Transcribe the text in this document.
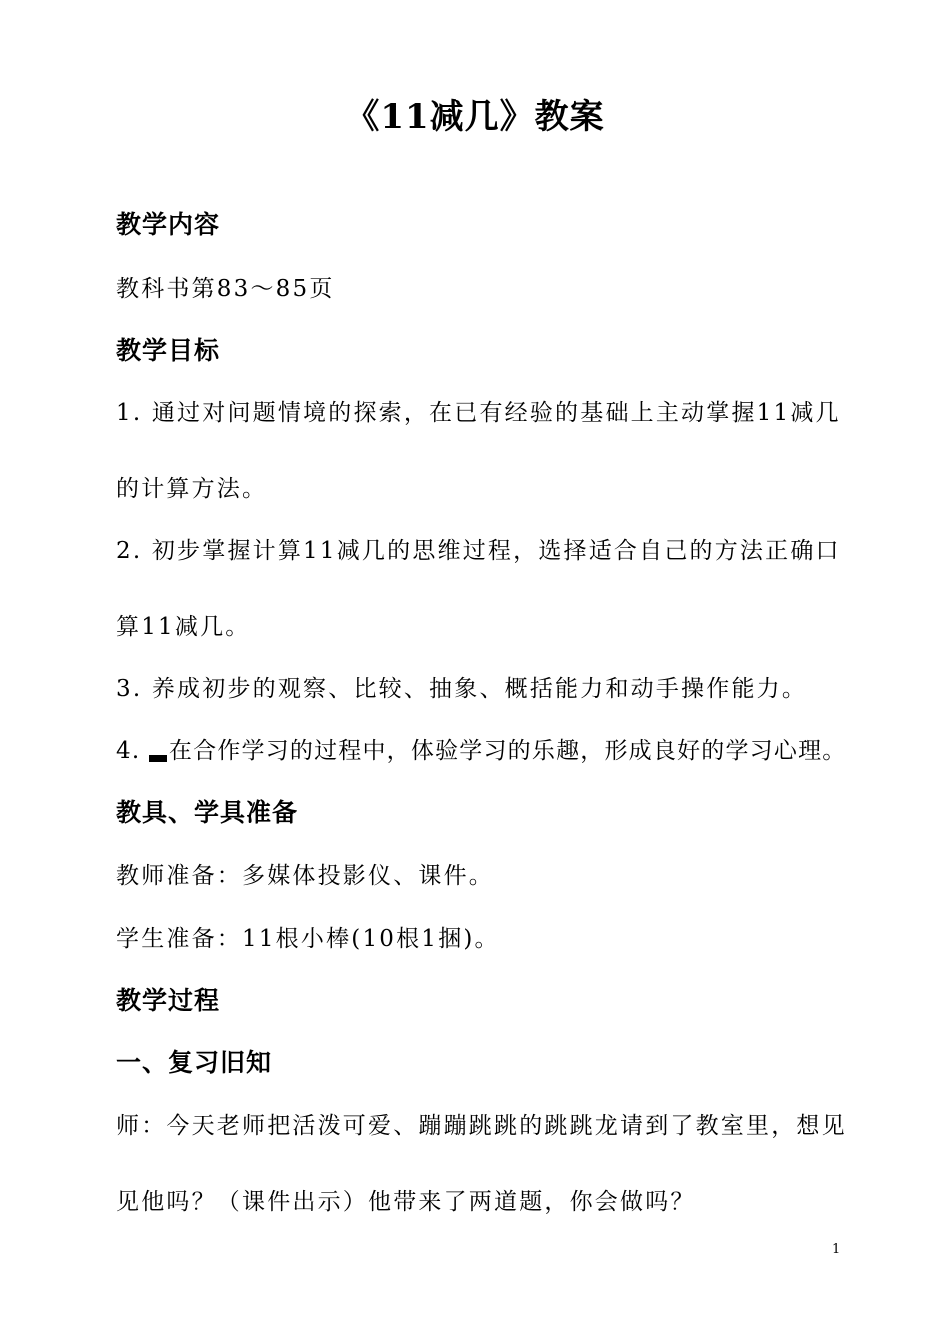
《11减几》教案
教学内容
教科书第83～85页
教学目标
1. 通过对问题情境的探索，在已有经验的基础上主动掌握11减几
的计算方法。
2. 初步掌握计算11减几的思维过程，选择适合自己的方法正确口
算11减几。
3. 养成初步的观察、比较、抽象、概括能力和动手操作能力。
4. 在合作学习的过程中，体验学习的乐趣，形成良好的学习心理。
教具、学具准备
教师准备：多媒体投影仪、课件。
学生准备：11根小棒(10根1捆)。
教学过程
一、复习旧知
师：今天老师把活泼可爱、蹦蹦跳跳的跳跳龙请到了教室里，想见
见他吗？（课件出示）他带来了两道题，你会做吗？
1
